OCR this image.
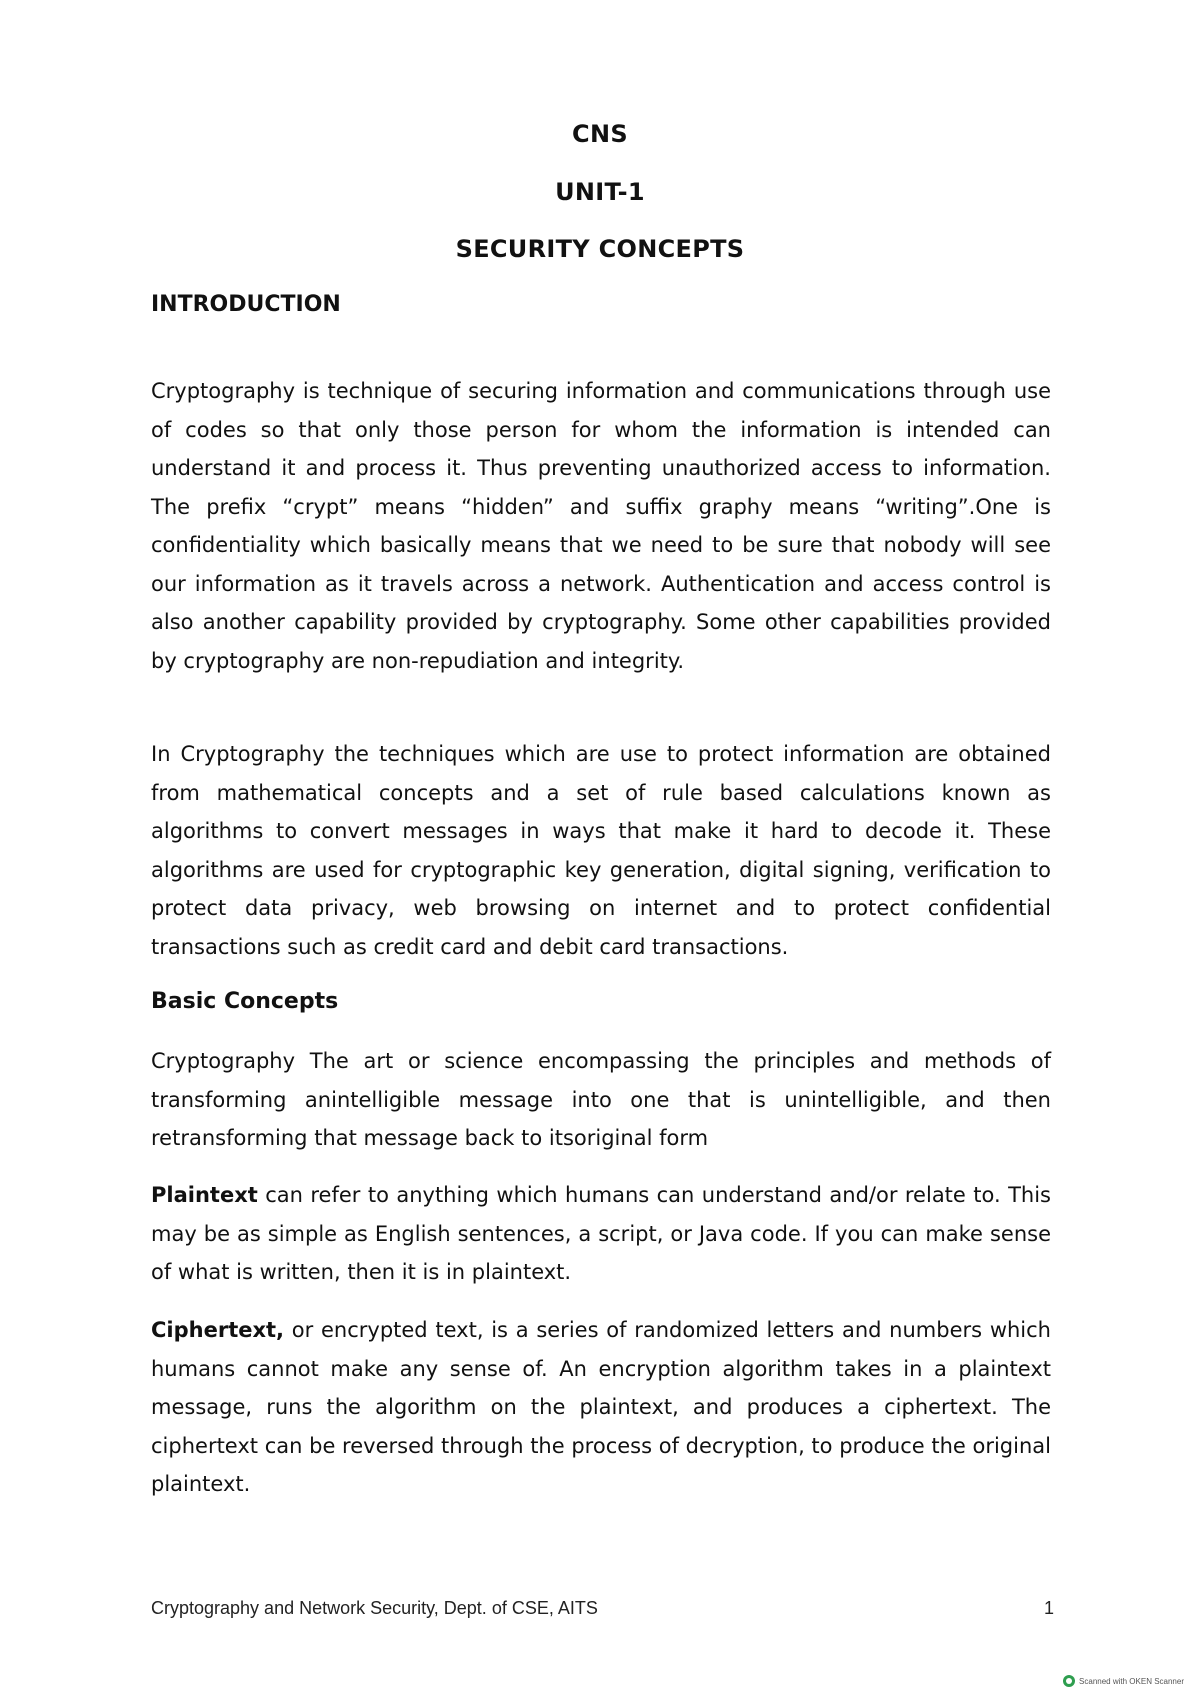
CNS
UNIT-1
SECURITY CONCEPTS
INTRODUCTION

Cryptography is technique of securing information and communications through use of codes so that only those person for whom the information is intended can understand it and process it. Thus preventing unauthorized access to information. The prefix “crypt” means “hidden” and suffix graphy means “writing”.One is confidentiality which basically means that we need to be sure that nobody will see our information as it travels across a network. Authentication and access control is also another capability provided by cryptography. Some other capabilities provided by cryptography are non-repudiation and integrity.

In Cryptography the techniques which are use to protect information are obtained from mathematical concepts and a set of rule based calculations known as algorithms to convert messages in ways that make it hard to decode it. These algorithms are used for cryptographic key generation, digital signing, verification to protect data privacy, web browsing on internet and to protect confidential transactions such as credit card and debit card transactions.

Basic Concepts

Cryptography The art or science encompassing the principles and methods of transforming anintelligible message into one that is unintelligible, and then retransforming that message back to itsoriginal form

Plaintext can refer to anything which humans can understand and/or relate to. This may be as simple as English sentences, a script, or Java code. If you can make sense of what is written, then it is in plaintext.

Ciphertext, or encrypted text, is a series of randomized letters and numbers which humans cannot make any sense of. An encryption algorithm takes in a plaintext message, runs the algorithm on the plaintext, and produces a ciphertext. The ciphertext can be reversed through the process of decryption, to produce the original plaintext.

Cryptography and Network Security, Dept. of CSE, AITS	1
Scanned with OKEN Scanner
